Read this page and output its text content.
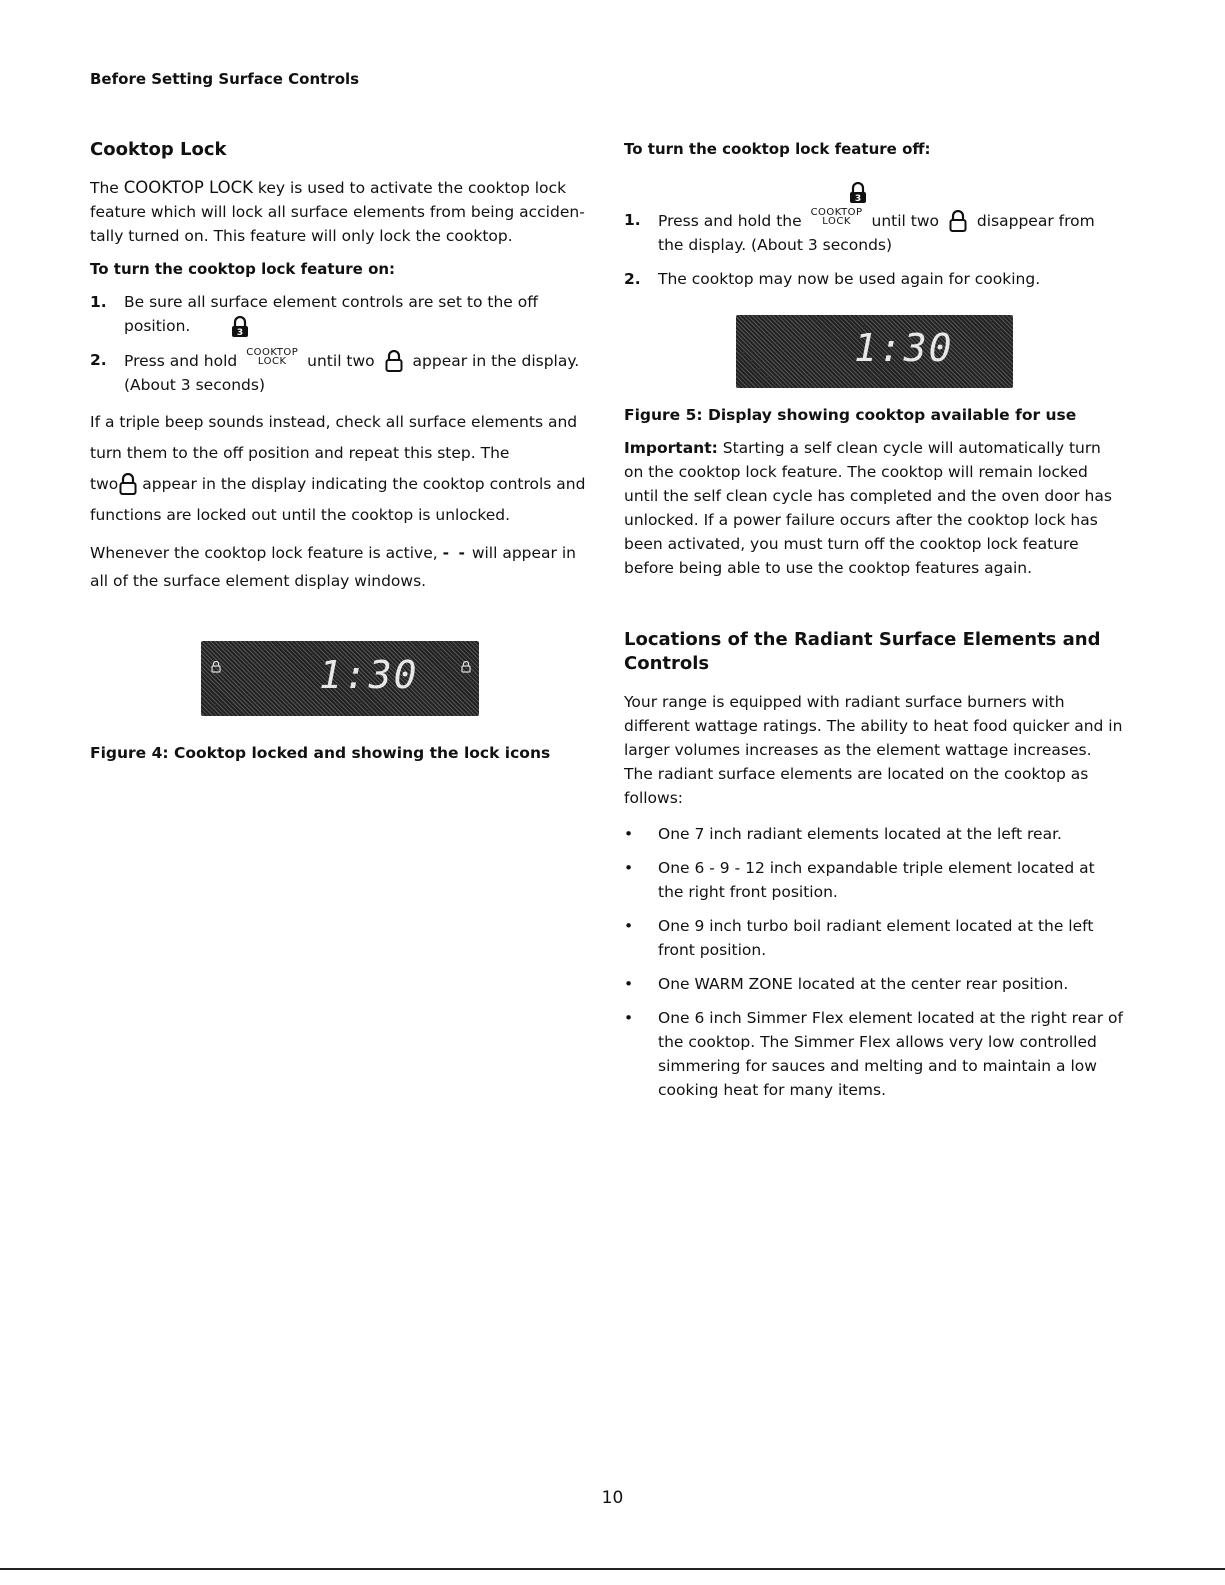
Before Setting Surface Controls
Cooktop Lock

The COOKTOP LOCK key is used to activate the cooktop lock feature which will lock all surface elements from being acciden-tally turned on. This feature will only lock the cooktop.

To turn the cooktop lock feature on:
1. Be sure all surface element controls are set to the off position.	3
2. Press and hold COOKTOP
LOCK	until two appear in the display.
(About 3 seconds)

If a triple beep sounds instead, check all surface elements and turn them to the off position and repeat this step. The
two appear in the display indicating the cooktop controls and functions are locked out until the cooktop is unlocked.

Whenever the cooktop lock feature is active, - - will appear in all of the surface element display windows.

1:30
Figure 4: Cooktop locked and showing the lock icons
To turn the cooktop lock feature off:
3
1. Press and hold the COOKTOP
LOCK	until two disappear from the display. (About 3 seconds)
2. The cooktop may now be used again for cooking.
1:30
Figure 5: Display showing cooktop available for use

Important: Starting a self clean cycle will automatically turn on the cooktop lock feature. The cooktop will remain locked until the self clean cycle has completed and the oven door has unlocked. If a power failure occurs after the cooktop lock has been activated, you must turn off the cooktop lock feature before being able to use the cooktop features again.

Locations of the Radiant Surface Elements and Controls

Your range is equipped with radiant surface burners with different wattage ratings. The ability to heat food quicker and in larger volumes increases as the element wattage increases. The radiant surface elements are located on the cooktop as follows:

• One 7 inch radiant elements located at the left rear.
• One 6 - 9 - 12 inch expandable triple element located at the right front position.
• One 9 inch turbo boil radiant element located at the left front position.
• One WARM ZONE located at the center rear position.
• One 6 inch Simmer Flex element located at the right rear of the cooktop. The Simmer Flex allows very low controlled simmering for sauces and melting and to maintain a low cooking heat for many items.
10
